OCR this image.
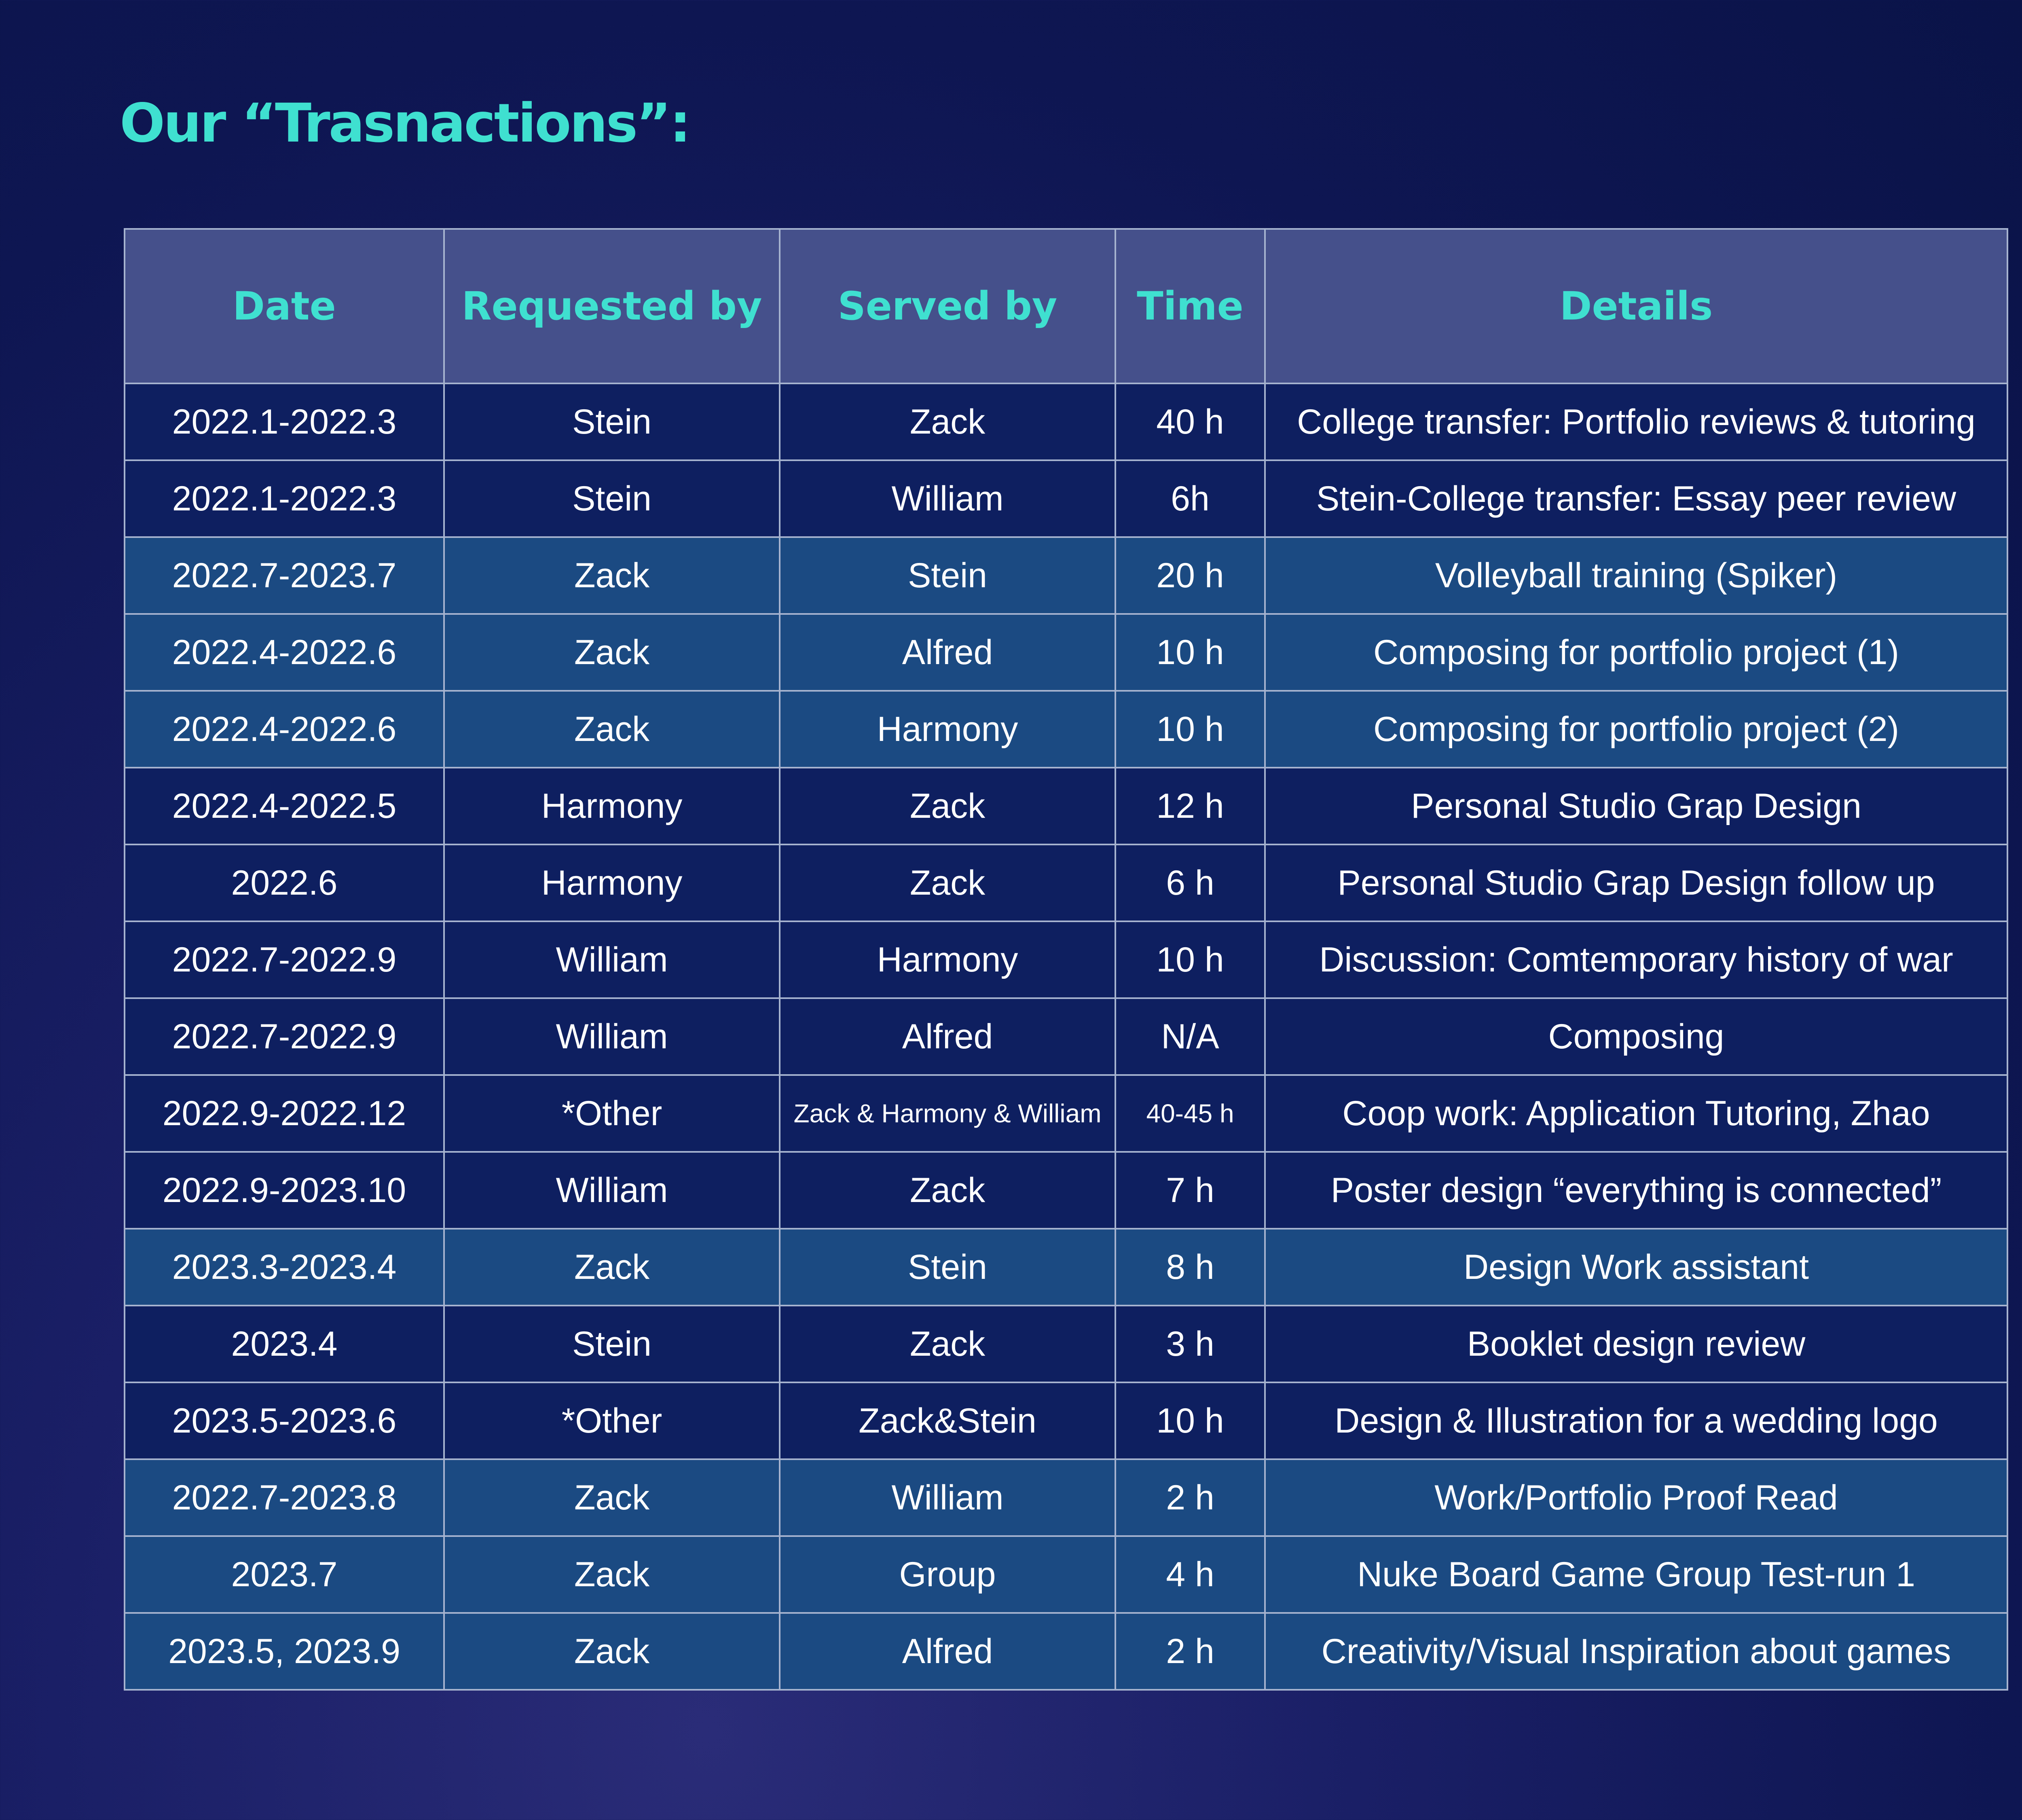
Our “Trasnactions”:
Date	Requested by	Served by	Time	Details
2022.1-2022.3	Stein	Zack	40 h	College transfer: Portfolio reviews & tutoring
2022.1-2022.3	Stein	William	6h	Stein-College transfer: Essay peer review
2022.7-2023.7	Zack	Stein	20 h	Volleyball training (Spiker)
2022.4-2022.6	Zack	Alfred	10 h	Composing for portfolio project (1)
2022.4-2022.6	Zack	Harmony	10 h	Composing for portfolio project (2)
2022.4-2022.5	Harmony	Zack	12 h	Personal Studio Grap Design
2022.6	Harmony	Zack	6 h	Personal Studio Grap Design follow up
2022.7-2022.9	William	Harmony	10 h	Discussion: Comtemporary history of war
2022.7-2022.9	William	Alfred	N/A	Composing
2022.9-2022.12	*Other	Zack & Harmony & William	40-45 h	Coop work: Application Tutoring, Zhao
2022.9-2023.10	William	Zack	7 h	Poster design “everything is connected”
2023.3-2023.4	Zack	Stein	8 h	Design Work assistant
2023.4	Stein	Zack	3 h	Booklet design review
2023.5-2023.6	*Other	Zack&Stein	10 h	Design & Illustration for a wedding logo
2022.7-2023.8	Zack	William	2 h	Work/Portfolio Proof Read
2023.7	Zack	Group	4 h	Nuke Board Game Group Test-run 1
2023.5, 2023.9	Zack	Alfred	2 h	Creativity/Visual Inspiration about games
